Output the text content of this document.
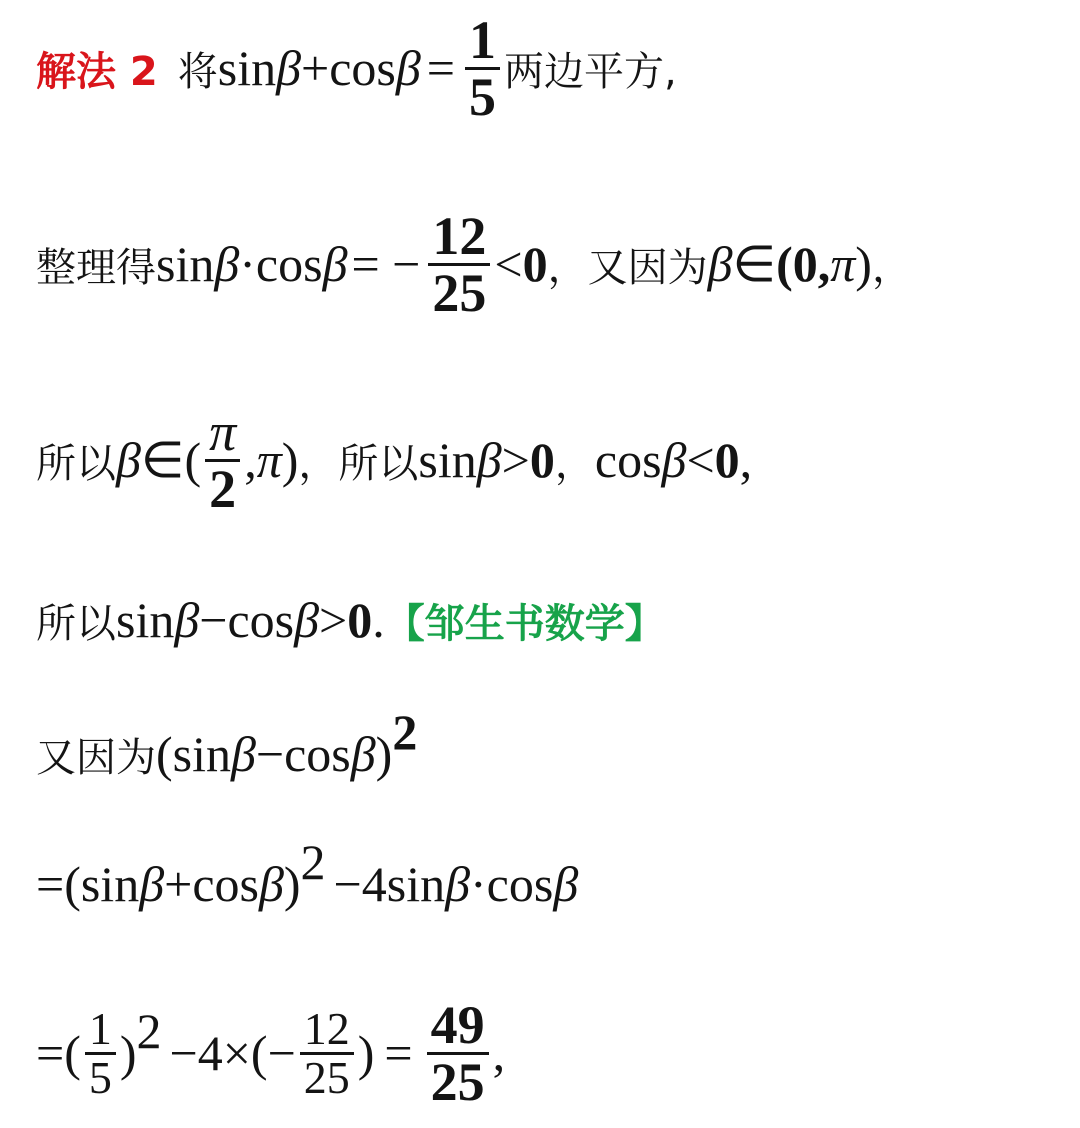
解法 2 将 $\sin \beta + \cos \beta = \frac{1}{5}$ 两边平方,
整理得 sin β · cos β = − $\frac{12}{25} < 0$ ，又因为 β ∈ (0, π ) ，
所以 β ∈ ( $\frac{\pi}{2}$ , π ) ，所以 sin β > 0 ， cos β < 0 ,
所以 sin β − cos β > 0 . 【邹生书数学】
又因为 (sin β − cos β )$^2$
= (sin β + cos β )$^2$ −4sin β · cos β
= ( $\frac{1}{5} )^2 -4\times(- \frac{12}{25}$ ) = $\frac{49}{25}$ ,
